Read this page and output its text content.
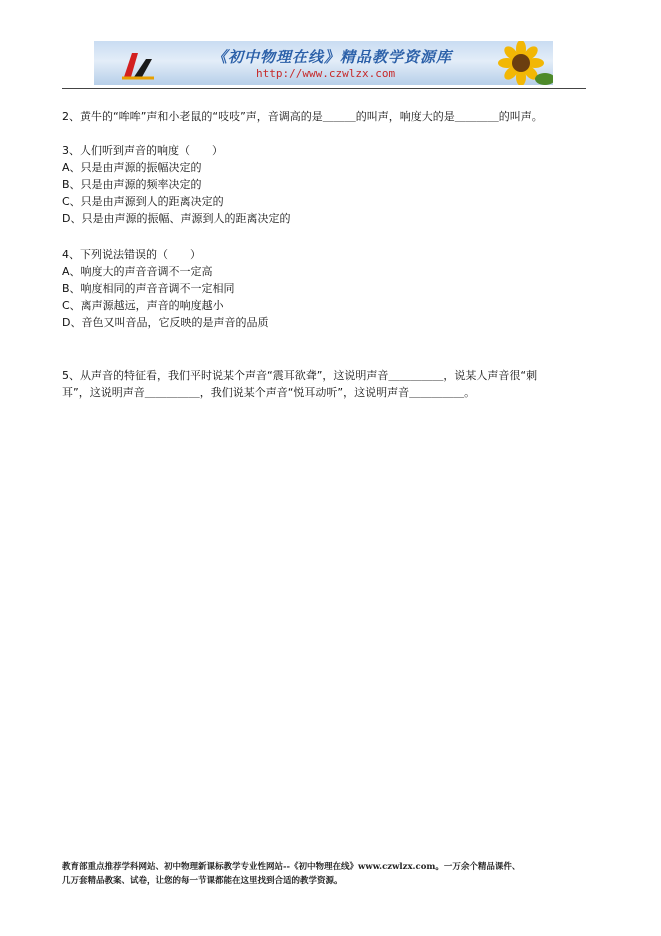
《初中物理在线》精品教学资源库
http://www.czwlzx.com
2、黄牛的“哞哞”声和小老鼠的“吱吱”声，音调高的是＿＿＿的叫声，响度大的是＿＿＿＿的叫声。
3、人们听到声音的响度（　　）
A、只是由声源的振幅决定的
B、只是由声源的频率决定的
C、只是由声源到人的距离决定的
D、只是由声源的振幅、声源到人的距离决定的
4、下列说法错误的（　　）
A、响度大的声音音调不一定高
B、响度相同的声音音调不一定相同
C、离声源越远，声音的响度越小
D、音色又叫音品，它反映的是声音的品质
5、从声音的特征看，我们平时说某个声音“震耳欲聋”，这说明声音＿＿＿＿＿，说某人声音很“刺
耳”，这说明声音＿＿＿＿＿，我们说某个声音“悦耳动听”，这说明声音＿＿＿＿＿。
教育部重点推荐学科网站、初中物理新课标教学专业性网站--《初中物理在线》www.czwlzx.com。一万余个精品课件、
几万套精品教案、试卷，让您的每一节课都能在这里找到合适的教学资源。
